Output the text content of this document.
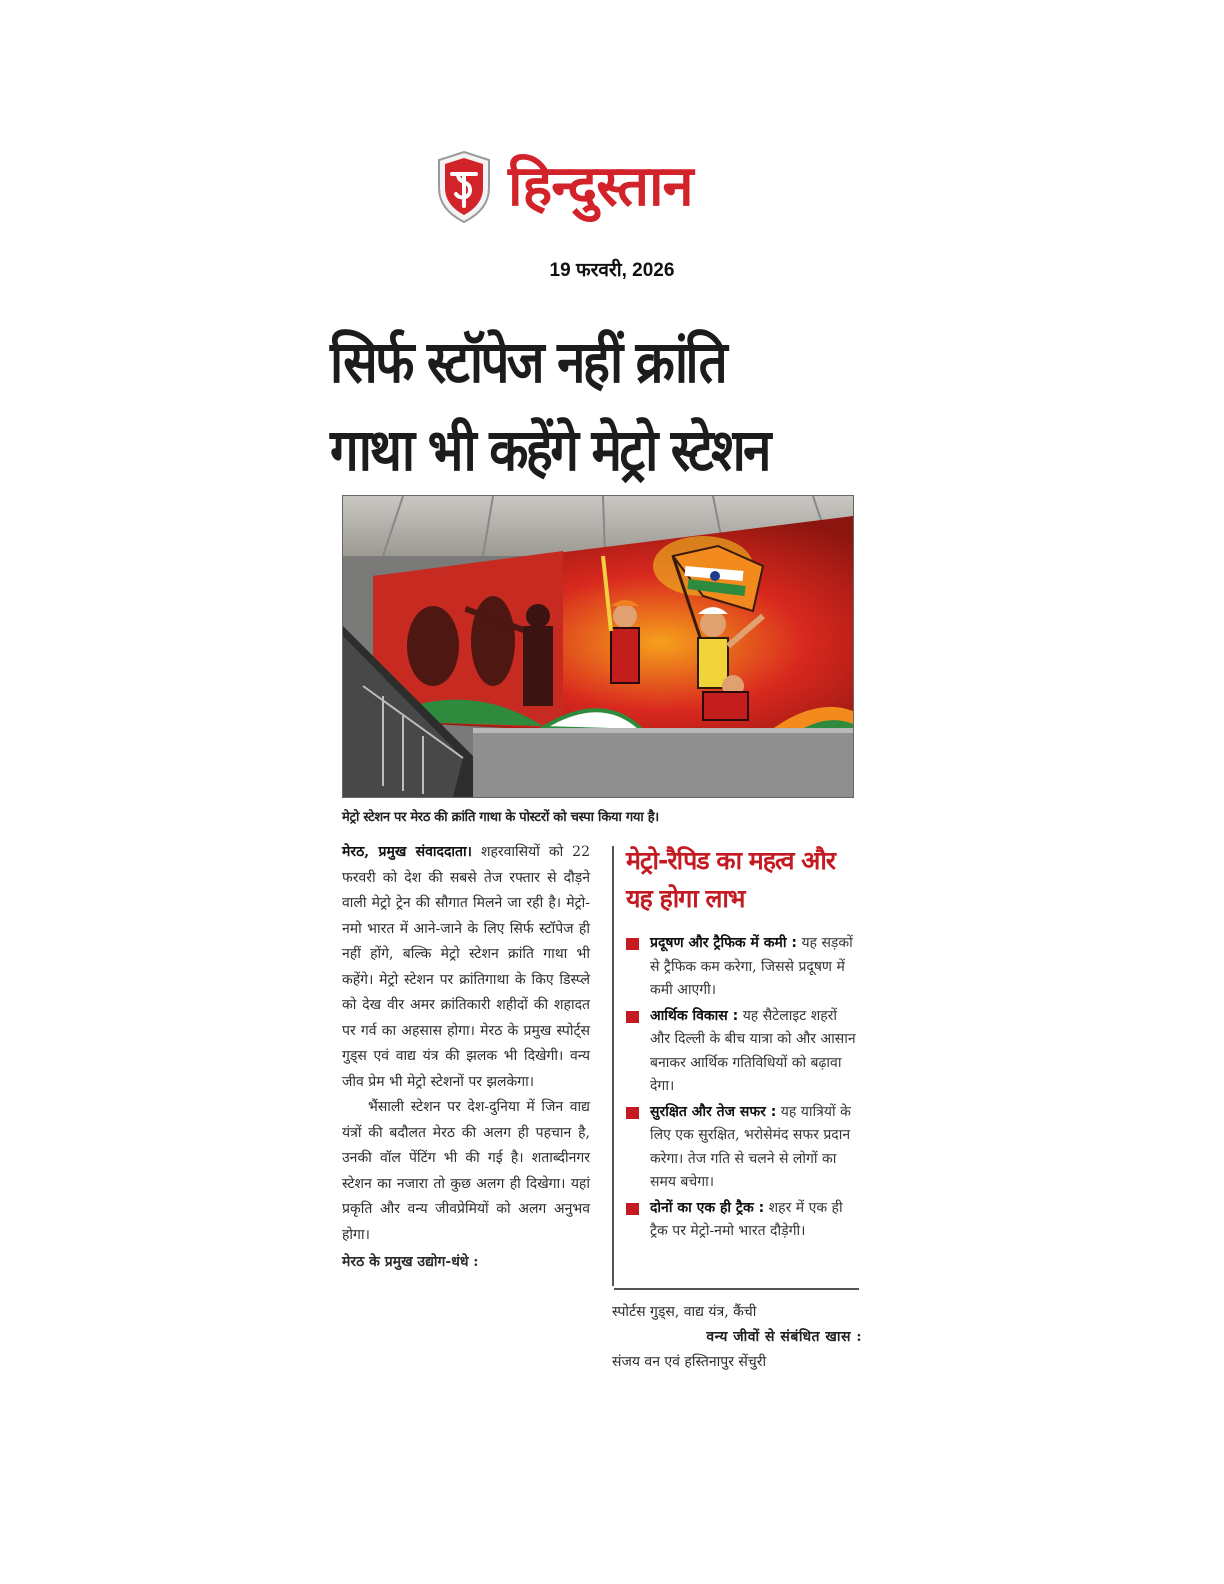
हिन्दुस्तान
19 फरवरी, 2026
सिर्फ स्टॉपेज नहीं क्रांति
गाथा भी कहेंगे मेट्रो स्टेशन
मेट्रो स्टेशन पर मेरठ की क्रांति गाथा के पोस्टरों को चस्पा किया गया है।

मेरठ, प्रमुख संवाददाता। शहरवासियों को 22 फरवरी को देश की सबसे तेज रफ्तार से दौड़ने वाली मेट्रो ट्रेन की सौगात मिलने जा रही है। मेट्रो-नमो भारत में आने-जाने के लिए सिर्फ स्टॉपेज ही नहीं होंगे, बल्कि मेट्रो स्टेशन क्रांति गाथा भी कहेंगे। मेट्रो स्टेशन पर क्रांतिगाथा के किए डिस्प्ले को देख वीर अमर क्रांतिकारी शहीदों की शहादत पर गर्व का अहसास होगा। मेरठ के प्रमुख स्पोर्ट्स गुड्स एवं वाद्य यंत्र की झलक भी दिखेगी। वन्य जीव प्रेम भी मेट्रो स्टेशनों पर झलकेगा।

भैंसाली स्टेशन पर देश-दुनिया में जिन वाद्य यंत्रों की बदौलत मेरठ की अलग ही पहचान है, उनकी वॉल पेंटिंग भी की गई है। शताब्दीनगर स्टेशन का नजारा तो कुछ अलग ही दिखेगा। यहां प्रकृति और वन्य जीवप्रेमियों को अलग अनुभव होगा।

मेरठ के प्रमुख उद्योग-धंधे :

मेट्रो-रैपिड का महत्व और यह होगा लाभ
प्रदूषण और ट्रैफिक में कमी : यह सड़कों से ट्रैफिक कम करेगा, जिससे प्रदूषण में कमी आएगी।
आर्थिक विकास : यह सैटेलाइट शहरों और दिल्ली के बीच यात्रा को और आसान बनाकर आर्थिक गतिविधियों को बढ़ावा देगा।
सुरक्षित और तेज सफर : यह यात्रियों के लिए एक सुरक्षित, भरोसेमंद सफर प्रदान करेगा। तेज गति से चलने से लोगों का समय बचेगा।
दोनों का एक ही ट्रैक : शहर में एक ही ट्रैक पर मेट्रो-नमो भारत दौड़ेगी।
स्पोर्टस गुड्स, वाद्य यंत्र, कैंची
वन्य जीवों से संबंधित खास :
संजय वन एवं हस्तिनापुर सेंचुरी
